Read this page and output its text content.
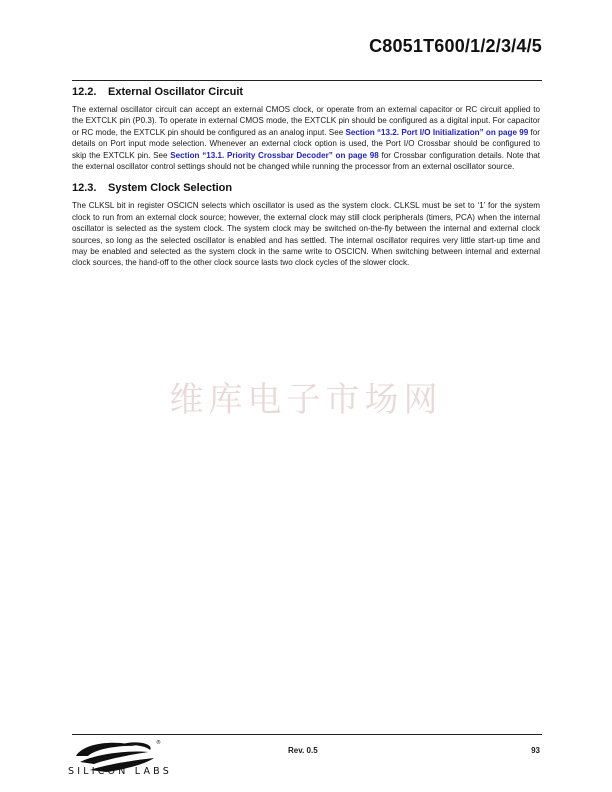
C8051T600/1/2/3/4/5
12.2. External Oscillator Circuit

The external oscillator circuit can accept an external CMOS clock, or operate from an external capacitor or RC circuit applied to the EXTCLK pin (P0.3). To operate in external CMOS mode, the EXTCLK pin should be configured as a digital input. For capacitor or RC mode, the EXTCLK pin should be configured as an analog input. See Section “13.2. Port I/O Initialization” on page 99 for details on Port input mode selection. Whenever an external clock option is used, the Port I/O Crossbar should be configured to skip the EXTCLK pin. See Section “13.1. Priority Crossbar Decoder” on page 98 for Crossbar configuration details. Note that the external oscillator control settings should not be changed while running the processor from an external oscillator source.

12.3. System Clock Selection

The CLKSL bit in register OSCICN selects which oscillator is used as the system clock. CLKSL must be set to ‘1’ for the system clock to run from an external clock source; however, the external clock may still clock peripherals (timers, PCA) when the internal oscillator is selected as the system clock. The system clock may be switched on-the-fly between the internal and external clock sources, so long as the selected oscillator is enabled and has settled. The internal oscillator requires very little start-up time and may be enabled and selected as the system clock in the same write to OSCICN. When switching between internal and external clock sources, the hand-off to the other clock source lasts two clock cycles of the slower clock.

维库电子市场网
®
SILICON LABS
Rev. 0.5	93
